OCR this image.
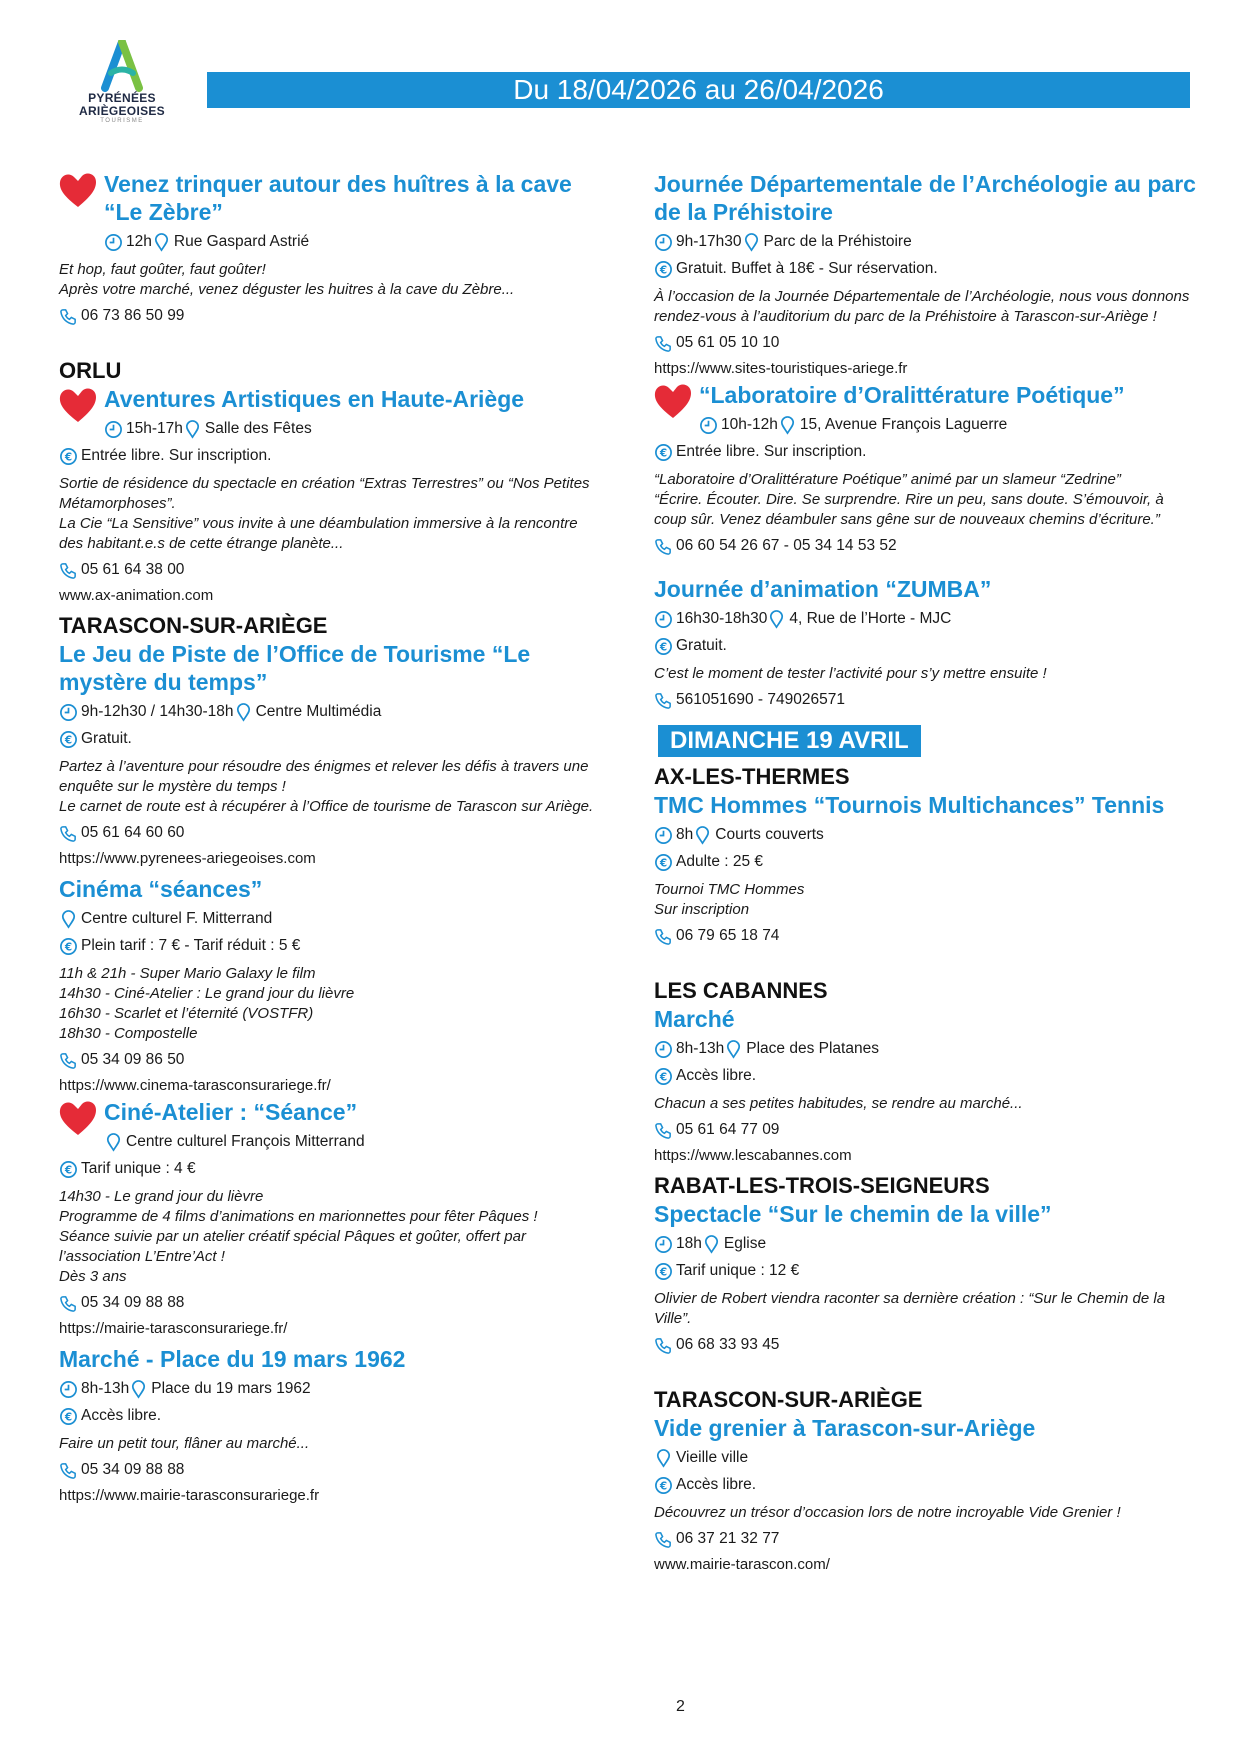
PYRÉNÉES
ARIÈGEOISES
TOURISME
Du 18/04/2026 au 26/04/2026
Venez trinquer autour des huîtres à la cave “Le Zèbre”
12h Rue Gaspard Astrié
Et hop, faut goûter, faut goûter!
Après votre marché, venez déguster les huitres à la cave du Zèbre...
06 73 86 50 99
ORLU
Aventures Artistiques en Haute-Ariège
15h-17h Salle des Fêtes
€ Entrée libre. Sur inscription.
Sortie de résidence du spectacle en création “Extras Terrestres” ou “Nos Petites Métamorphoses”.
La Cie “La Sensitive” vous invite à une déambulation immersive à la rencontre des habitant.e.s de cette étrange planète...
05 61 64 38 00
www.ax-animation.com
TARASCON-SUR-ARIÈGE
Le Jeu de Piste de l’Office de Tourisme “Le mystère du temps”
9h-12h30 / 14h30-18h Centre Multimédia
€ Gratuit.
Partez à l’aventure pour résoudre des énigmes et relever les défis à travers une enquête sur le mystère du temps !
Le carnet de route est à récupérer à l’Office de tourisme de Tarascon sur Ariège.
05 61 64 60 60
https://www.pyrenees-ariegeoises.com
Cinéma “séances”
Centre culturel F. Mitterrand
€ Plein tarif : 7 € - Tarif réduit : 5 €
11h & 21h - Super Mario Galaxy le film
14h30 - Ciné-Atelier : Le grand jour du lièvre
16h30 - Scarlet et l’éternité (VOSTFR)
18h30 - Compostelle
05 34 09 86 50
https://www.cinema-tarasconsurariege.fr/
Ciné-Atelier : “Séance”
Centre culturel François Mitterrand
€ Tarif unique : 4 €
14h30 - Le grand jour du lièvre
Programme de 4 films d’animations en marionnettes pour fêter Pâques !
Séance suivie par un atelier créatif spécial Pâques et goûter, offert par l’association L’Entre’Act !
Dès 3 ans
05 34 09 88 88
https://mairie-tarasconsurariege.fr/
Marché - Place du 19 mars 1962
8h-13h Place du 19 mars 1962
€ Accès libre.
Faire un petit tour, flâner au marché...
05 34 09 88 88
https://www.mairie-tarasconsurariege.fr
Journée Départementale de l’Archéologie au parc de la Préhistoire
9h-17h30 Parc de la Préhistoire
€ Gratuit. Buffet à 18€ - Sur réservation.
À l’occasion de la Journée Départementale de l’Archéologie, nous vous donnons rendez-vous à l’auditorium du parc de la Préhistoire à Tarascon-sur-Ariège !
05 61 05 10 10
https://www.sites-touristiques-ariege.fr
“Laboratoire d’Oralittérature Poétique”
10h-12h 15, Avenue François Laguerre
€ Entrée libre. Sur inscription.
“Laboratoire d’Oralittérature Poétique” animé par un slameur “Zedrine”
“Écrire. Écouter. Dire. Se surprendre. Rire un peu, sans doute. S’émouvoir, à coup sûr. Venez déambuler sans gêne sur de nouveaux chemins d’écriture.”
06 60 54 26 67 - 05 34 14 53 52
Journée d’animation “ZUMBA”
16h30-18h30 4, Rue de l’Horte - MJC
€ Gratuit.
C’est le moment de tester l’activité pour s’y mettre ensuite !
561051690 - 749026571
DIMANCHE 19 AVRIL
AX-LES-THERMES
TMC Hommes “Tournois Multichances” Tennis
8h Courts couverts
€ Adulte : 25 €
Tournoi TMC Hommes
Sur inscription
06 79 65 18 74
LES CABANNES
Marché
8h-13h Place des Platanes
€ Accès libre.
Chacun a ses petites habitudes, se rendre au marché...
05 61 64 77 09
https://www.lescabannes.com
RABAT-LES-TROIS-SEIGNEURS
Spectacle “Sur le chemin de la ville”
18h Eglise
€ Tarif unique : 12 €
Olivier de Robert viendra raconter sa dernière création : “Sur le Chemin de la Ville”.
06 68 33 93 45
TARASCON-SUR-ARIÈGE
Vide grenier à Tarascon-sur-Ariège
Vieille ville
€ Accès libre.
Découvrez un trésor d’occasion lors de notre incroyable Vide Grenier !
06 37 21 32 77
www.mairie-tarascon.com/
2
